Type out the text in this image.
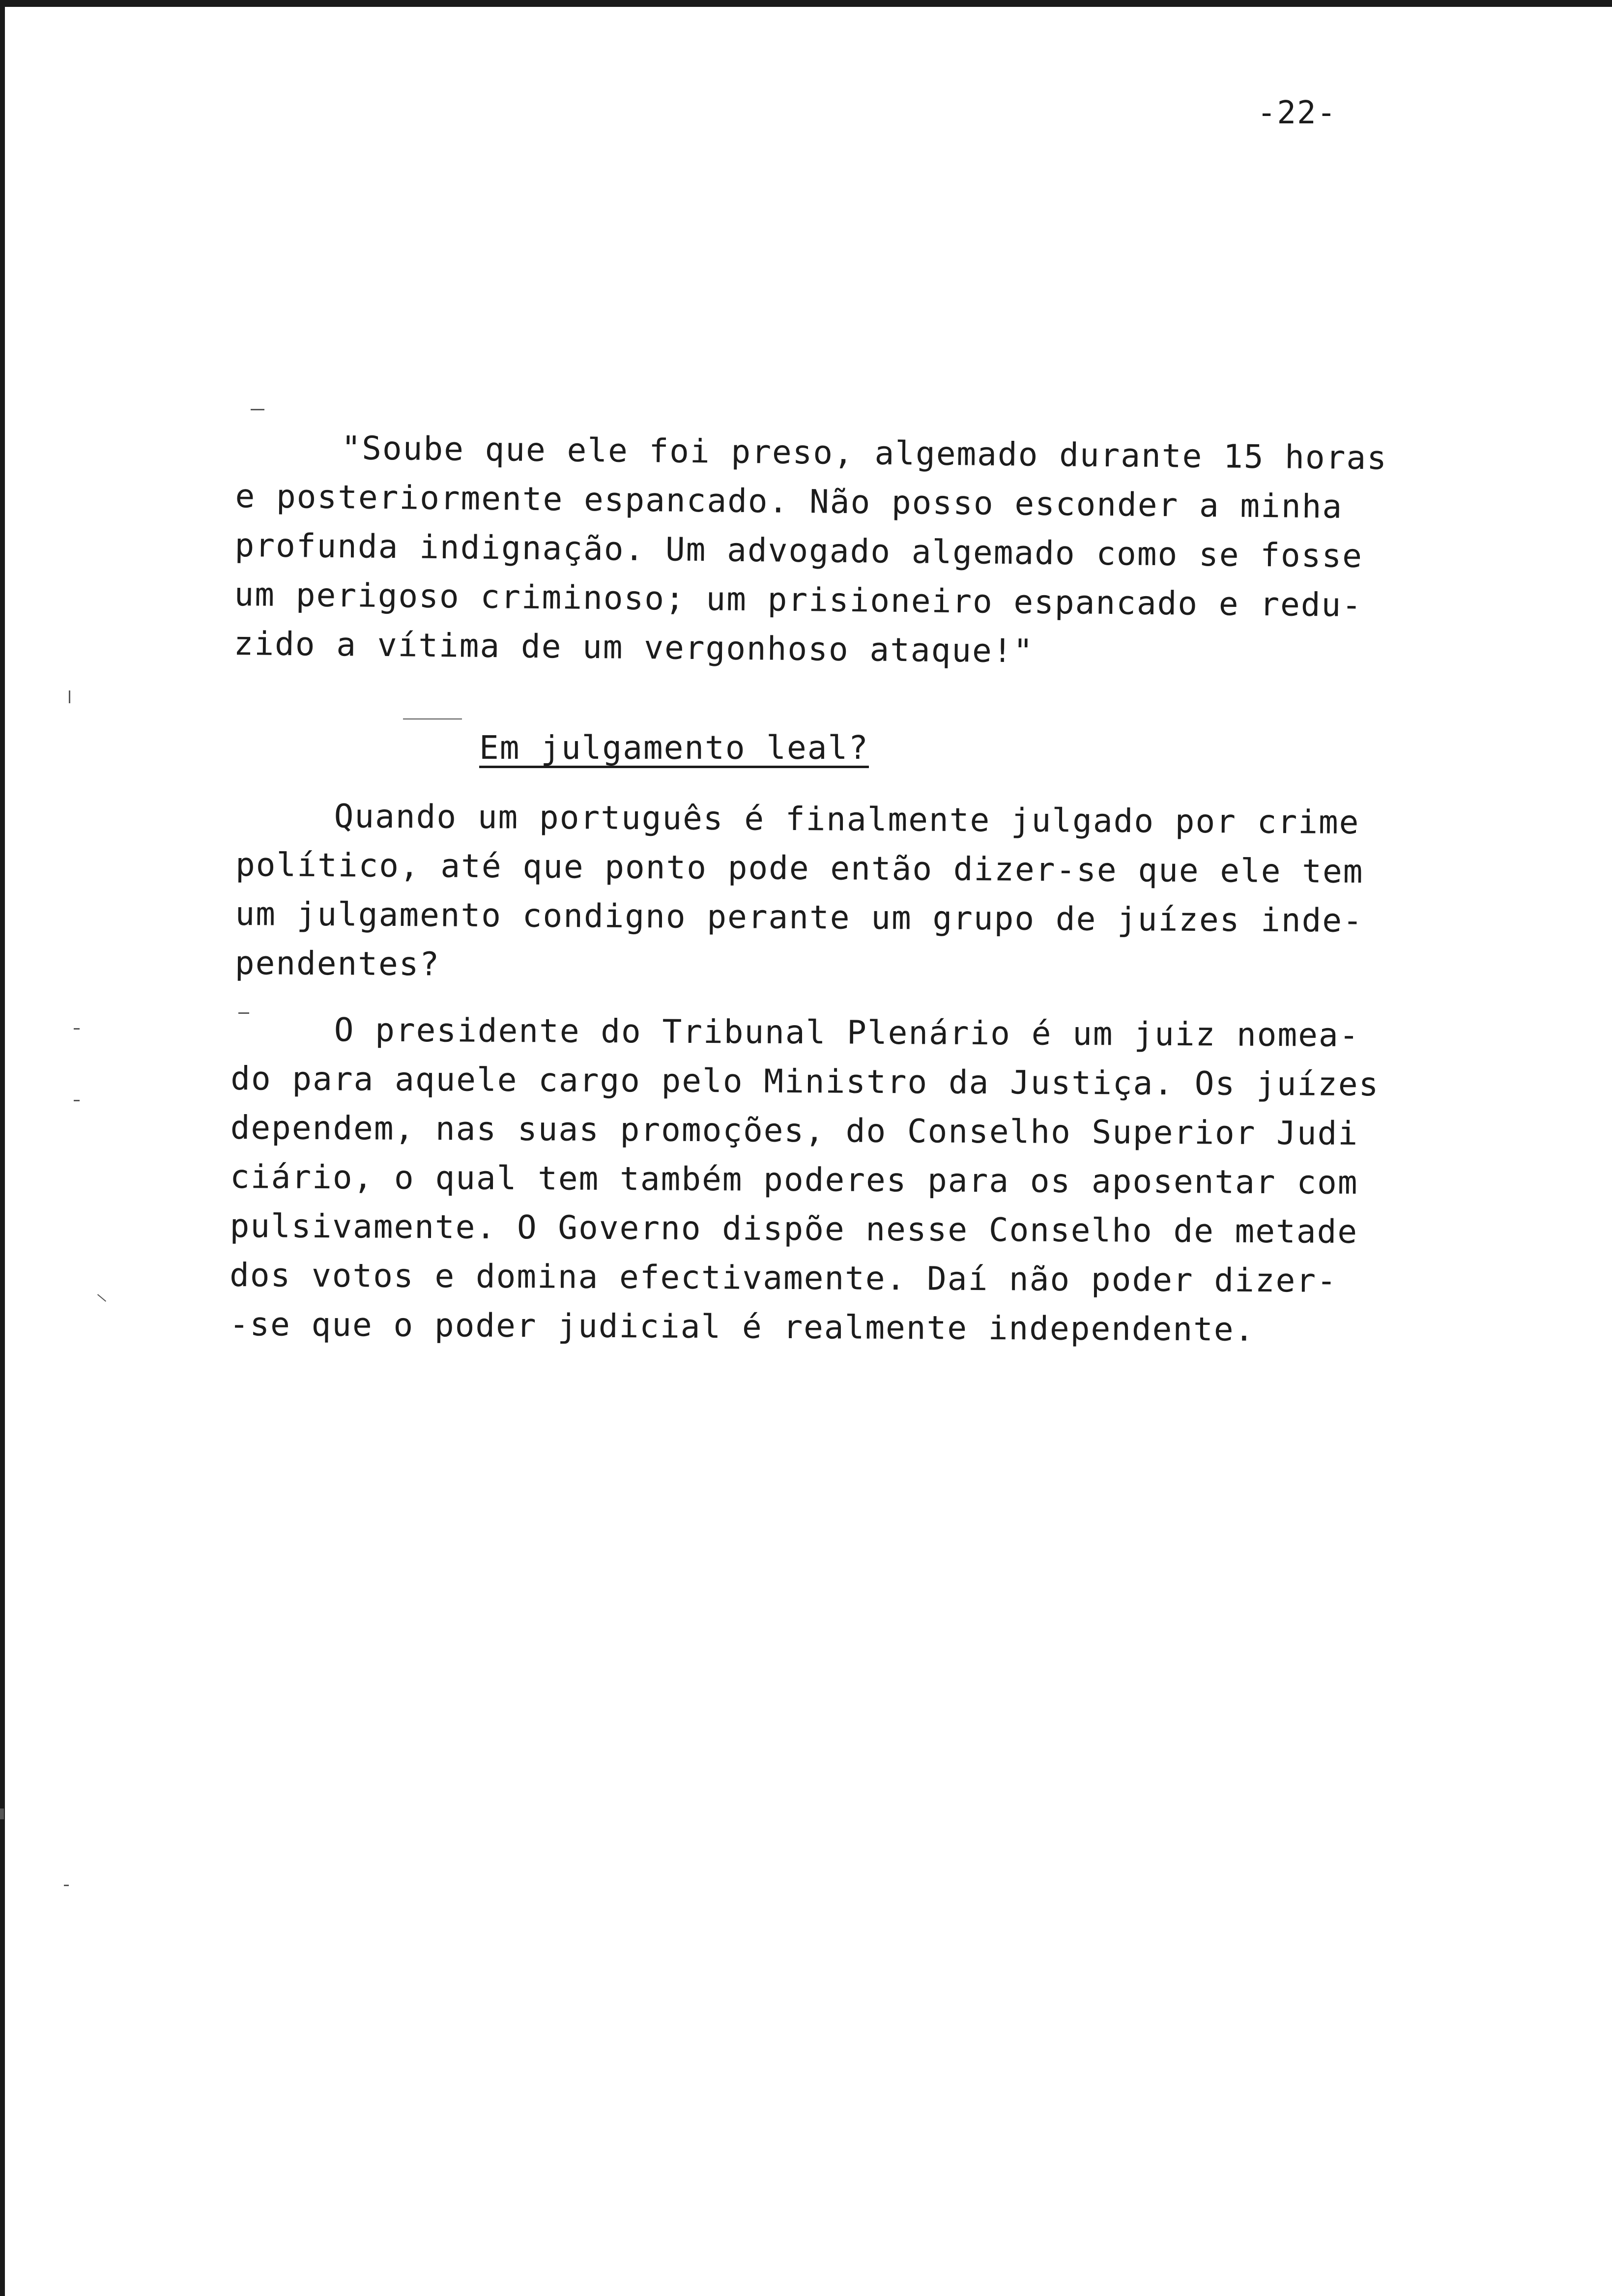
-22-
"Soube que ele foi preso, algemado durante 15 horas
e posteriormente espancado. Não posso esconder a minha
profunda indignação. Um advogado algemado como se fosse
um perigoso criminoso; um prisioneiro espancado e redu-
zido a vítima de um vergonhoso ataque!"
Em julgamento leal?
Quando um português é finalmente julgado por crime
político, até que ponto pode então dizer-se que ele tem
um julgamento condigno perante um grupo de juízes inde-
pendentes?
O presidente do Tribunal Plenário é um juiz nomea-
do para aquele cargo pelo Ministro da Justiça. Os juízes
dependem, nas suas promoções, do Conselho Superior Judi
ciário, o qual tem também poderes para os aposentar com
pulsivamente. O Governo dispõe nesse Conselho de metade
dos votos e domina efectivamente. Daí não poder dizer-
-se que o poder judicial é realmente independente.
